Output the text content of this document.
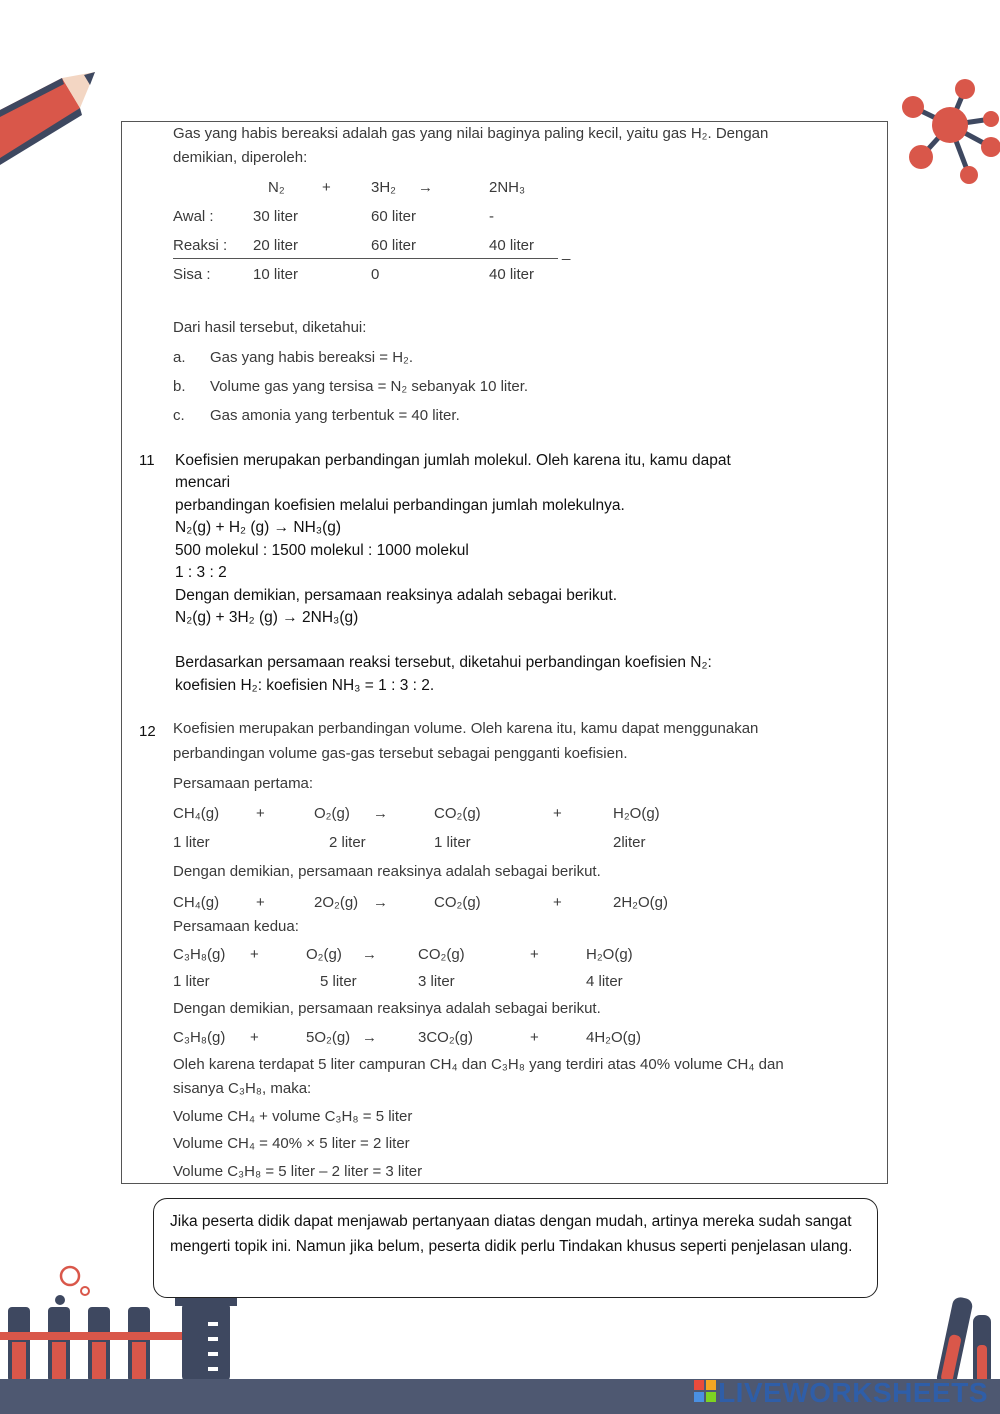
Gas yang habis bereaksi adalah gas yang nilai baginya paling kecil, yaitu gas H₂. Dengan
demikian, diperoleh:
N₂ +	3H₂ →	2NH₃
Awal :	30 liter	60 liter	-
Reaksi : 20 liter	60 liter	40 liter _
Sisa :	10 liter	0	40 liter
Dari hasil tersebut, diketahui:
a. Gas yang habis bereaksi = H₂.
b. Volume gas yang tersisa = N₂ sebanyak 10 liter.
c. Gas amonia yang terbentuk = 40 liter.
11 Koefisien merupakan perbandingan jumlah molekul. Oleh karena itu, kamu dapat
mencari
perbandingan koefisien melalui perbandingan jumlah molekulnya.
N₂(g) + H₂ (g) → NH₃(g)
500 molekul : 1500 molekul : 1000 molekul
1 : 3 : 2
Dengan demikian, persamaan reaksinya adalah sebagai berikut.
N₂(g) + 3H₂ (g) → 2NH₃(g)
Berdasarkan persamaan reaksi tersebut, diketahui perbandingan koefisien N₂:
koefisien H₂: koefisien NH₃ = 1 : 3 : 2.
12 Koefisien merupakan perbandingan volume. Oleh karena itu, kamu dapat menggunakan
perbandingan volume gas-gas tersebut sebagai pengganti koefisien.
Persamaan pertama:
CH₄(g) +	O₂(g) →	CO₂(g)	+	H₂O(g)
1 liter	2 liter	1 liter	2liter
Dengan demikian, persamaan reaksinya adalah sebagai berikut.
CH₄(g) +	2O₂(g) →	CO₂(g)	+	2H₂O(g)
Persamaan kedua:
C₃H₈(g) +	O₂(g) →	CO₂(g)	+	H₂O(g)
1 liter	5 liter	3 liter	4 liter
Dengan demikian, persamaan reaksinya adalah sebagai berikut.
C₃H₈(g) +	5O₂(g) →	3CO₂(g)	+	4H₂O(g)
Oleh karena terdapat 5 liter campuran CH₄ dan C₃H₈ yang terdiri atas 40% volume CH₄ dan
sisanya C₃H₈, maka:
Volume CH₄ + volume C₃H₈ = 5 liter
Volume CH₄ = 40% × 5 liter = 2 liter
Volume C₃H₈ = 5 liter – 2 liter = 3 liter
Jika peserta didik dapat menjawab pertanyaan diatas dengan mudah, artinya mereka sudah sangat mengerti topik ini. Namun jika belum, peserta didik perlu Tindakan khusus seperti penjelasan ulang.
LIVEWORKSHEETS
